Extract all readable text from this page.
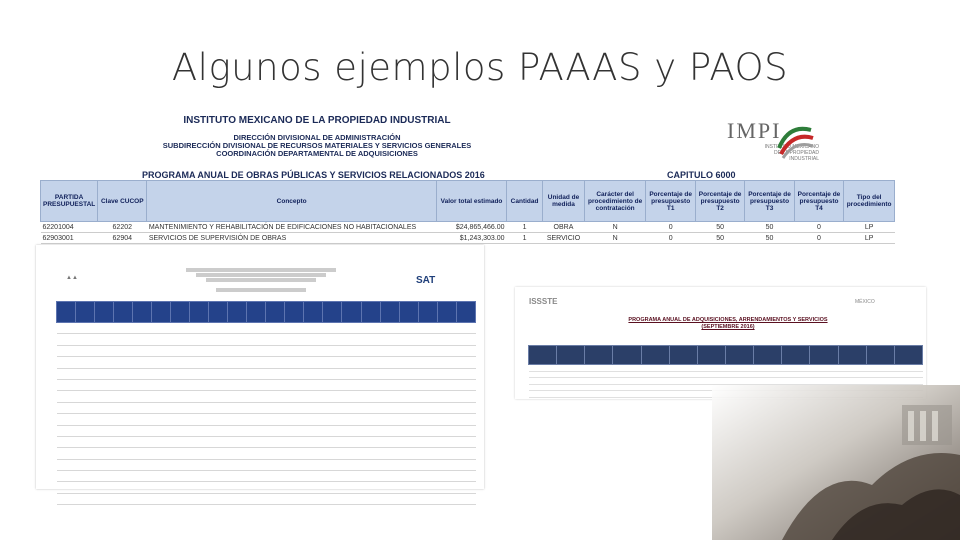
Algunos ejemplos PAAAS y PAOS
INSTITUTO MEXICANO DE LA PROPIEDAD INDUSTRIAL
DIRECCIÓN DIVISIONAL DE ADMINISTRACIÓN
SUBDIRECCIÓN DIVISIONAL DE RECURSOS MATERIALES Y SERVICIOS GENERALES
COORDINACIÓN DEPARTAMENTAL DE ADQUISICIONES
PROGRAMA ANUAL DE OBRAS PÚBLICAS Y SERVICIOS RELACIONADOS 2016	CAPITULO 6000
IMPI
INSTITUTO MEXICANO DE LA PROPIEDAD INDUSTRIAL
PARTIDA PRESUPUESTAL	Clave CUCOP	Concepto	Valor total estimado	Cantidad	Unidad de medida	Carácter del procedimiento de contratación	Porcentaje de presupuesto T1	Porcentaje de presupuesto T2	Porcentaje de presupuesto T3	Porcentaje de presupuesto T4	Tipo del procedimiento
62201004	62202	MANTENIMIENTO Y REHABILITACIÓN DE EDIFICACIONES NO HABITACIONALES	$24,865,466.00	1	OBRA	N	0	50	50	0	LP
62903001	62904	SERVICIOS DE SUPERVISIÓN DE OBRAS	$1,243,303.00	1	SERVICIO	N	0	50	50	0	LP
▲▲	SAT

ISSSTE	MÉXICO
PROGRAMA ANUAL DE ADQUISICIONES, ARRENDAMIENTOS Y SERVICIOS
(SEPTIEMBRE 2016)
